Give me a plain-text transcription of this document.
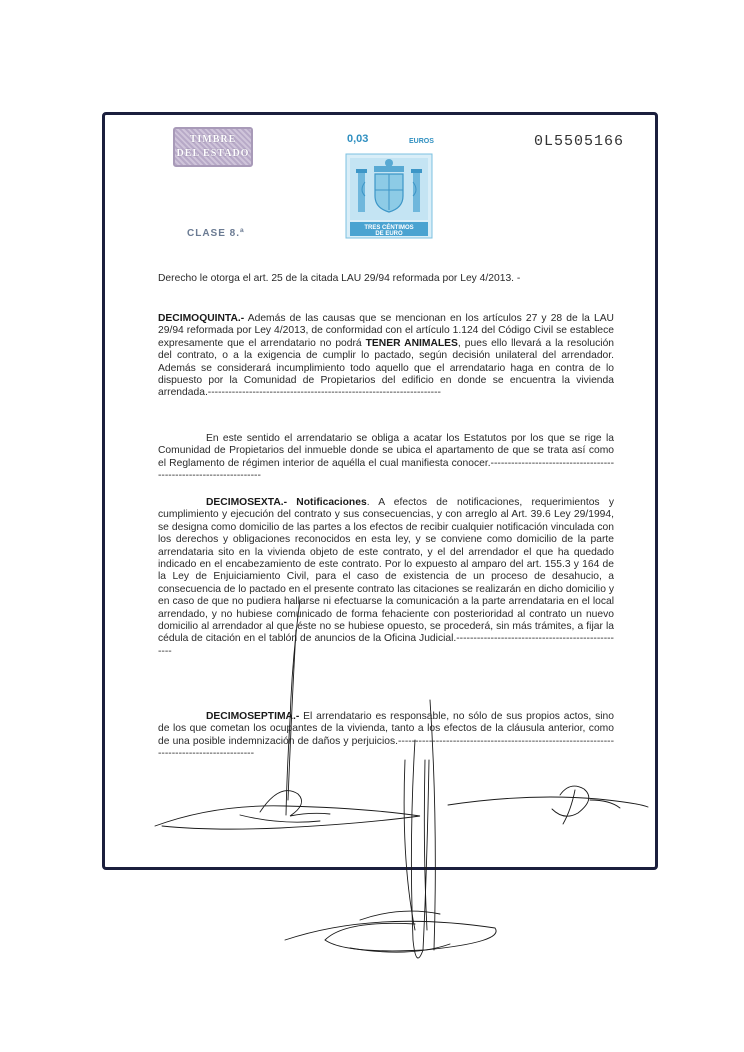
TIMBRE
DEL ESTADO
CLASE 8.ª
0,03	EUROS
TRES CÉNTIMOS
DE EURO
0L5505166

Derecho le otorga el art. 25 de la citada LAU 29/94 reformada por Ley 4/2013. -

DECIMOQUINTA.- Además de las causas que se mencionan en los artículos 27 y 28 de la LAU 29/94 reformada por Ley 4/2013, de conformidad con el artículo 1.124 del Código Civil se establece expresamente que el arrendatario no podrá TENER ANIMALES, pues ello llevará a la resolución del contrato, o a la exigencia de cumplir lo pactado, según decisión unilateral del arrendador. Además se considerará incumplimiento todo aquello que el arrendatario haga en contra de lo dispuesto por la Comunidad de Propietarios del edificio en donde se encuentra la vivienda arrendada.--------------------------------------------------------------------

En este sentido el arrendatario se obliga a acatar los Estatutos por los que se rige la Comunidad de Propietarios del inmueble donde se ubica el apartamento de que se trata así como el Reglamento de régimen interior de aquélla el cual manifiesta conocer.------------------------------------------------------------------

DECIMOSEXTA.- Notificaciones. A efectos de notificaciones, requerimientos y cumplimiento y ejecución del contrato y sus consecuencias, y con arreglo al Art. 39.6 Ley 29/1994, se designa como domicilio de las partes a los efectos de recibir cualquier notificación vinculada con los derechos y obligaciones reconocidos en esta ley, y se conviene como domicilio de la parte arrendataria sito en la vivienda objeto de este contrato, y el del arrendador el que ha quedado indicado en el encabezamiento de este contrato. Por lo expuesto al amparo del art. 155.3 y 164 de la Ley de Enjuiciamiento Civil, para el caso de existencia de un proceso de desahucio, a consecuencia de lo pactado en el presente contrato las citaciones se realizarán en dicho domicilio y en caso de que no pudiera hallarse ni efectuarse la comunicación a la parte arrendataria en el local arrendado, y no hubiese comunicado de forma fehaciente con posterioridad al contrato un nuevo domicilio al arrendador al que éste no se hubiese opuesto, se procederá, sin más trámites, a fijar la cédula de citación en el tablón de anuncios de la Oficina Judicial.--------------------------------------------------

DECIMOSEPTIMA.- El arrendatario es responsable, no sólo de sus propios actos, sino de los que cometan los ocupantes de la vivienda, tanto a los efectos de la cláusula anterior, como de una posible indemnización de daños y perjuicios.-------------------------------------------------------------------------------------------
